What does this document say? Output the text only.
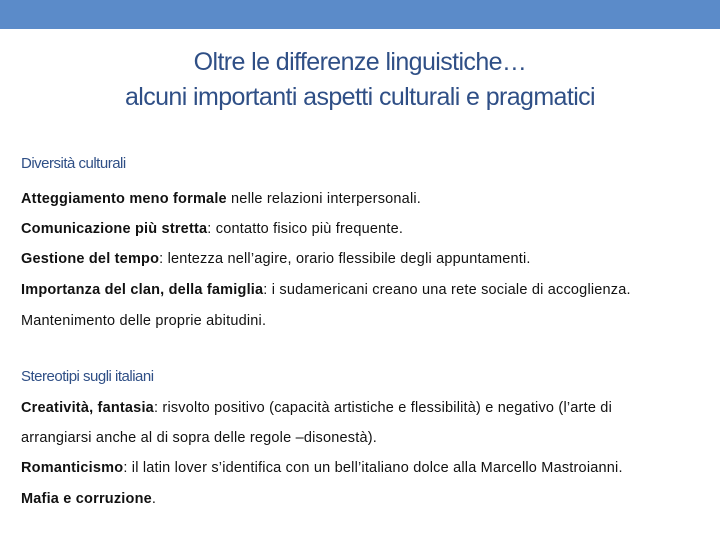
Oltre le differenze linguistiche…
alcuni importanti aspetti culturali e pragmatici
Diversità culturali
Atteggiamento meno formale nelle relazioni interpersonali.
Comunicazione più stretta: contatto fisico più frequente.
Gestione del tempo: lentezza nell’agire, orario flessibile degli appuntamenti.
Importanza del clan, della famiglia: i sudamericani creano una rete sociale di accoglienza.
Mantenimento delle proprie abitudini.
Stereotipi sugli italiani
Creatività, fantasia: risvolto positivo (capacità artistiche e flessibilità) e negativo (l’arte di
arrangiarsi anche al di sopra delle regole –disonestà).
Romanticismo: il latin lover s’identifica con un bell’italiano dolce alla Marcello Mastroianni.
Mafia e corruzione.
